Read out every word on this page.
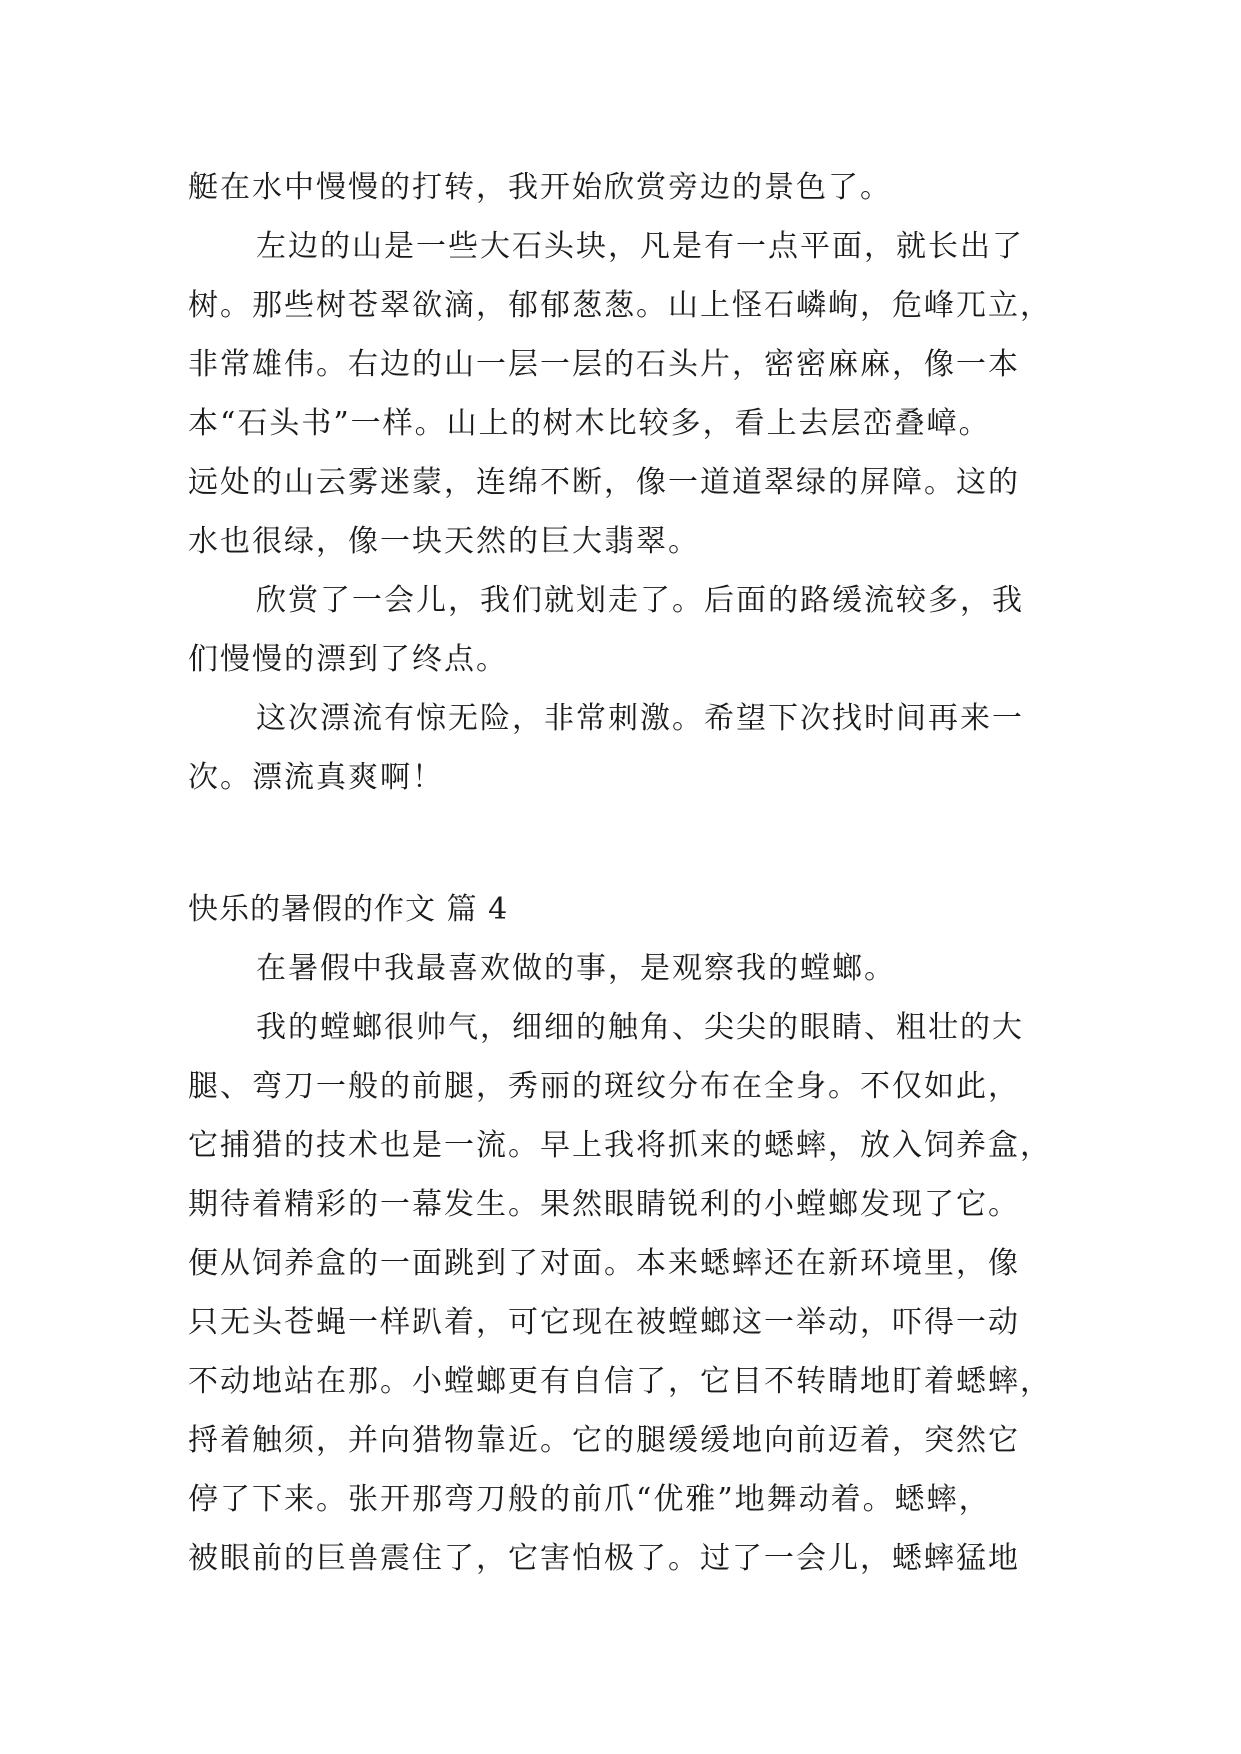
艇在水中慢慢的打转，我开始欣赏旁边的景色了。
左边的山是一些大石头块，凡是有一点平面，就长出了
树。那些树苍翠欲滴，郁郁葱葱。山上怪石嶙峋，危峰兀立，
非常雄伟。右边的山一层一层的石头片，密密麻麻，像一本
本“石头书”一样。山上的树木比较多，看上去层峦叠嶂。
远处的山云雾迷蒙，连绵不断，像一道道翠绿的屏障。这的
水也很绿，像一块天然的巨大翡翠。
欣赏了一会儿，我们就划走了。后面的路缓流较多，我
们慢慢的漂到了终点。
这次漂流有惊无险，非常刺激。希望下次找时间再来一
次。漂流真爽啊！
快乐的暑假的作文 篇 4
在暑假中我最喜欢做的事，是观察我的螳螂。
我的螳螂很帅气，细细的触角、尖尖的眼睛、粗壮的大
腿、弯刀一般的前腿，秀丽的斑纹分布在全身。不仅如此，
它捕猎的技术也是一流。早上我将抓来的蟋蟀，放入饲养盒，
期待着精彩的一幕发生。果然眼睛锐利的小螳螂发现了它。
便从饲养盒的一面跳到了对面。本来蟋蟀还在新环境里，像
只无头苍蝇一样趴着，可它现在被螳螂这一举动，吓得一动
不动地站在那。小螳螂更有自信了，它目不转睛地盯着蟋蟀，
捋着触须，并向猎物靠近。它的腿缓缓地向前迈着，突然它
停了下来。张开那弯刀般的前爪“优雅”地舞动着。蟋蟀，
被眼前的巨兽震住了，它害怕极了。过了一会儿，蟋蟀猛地
